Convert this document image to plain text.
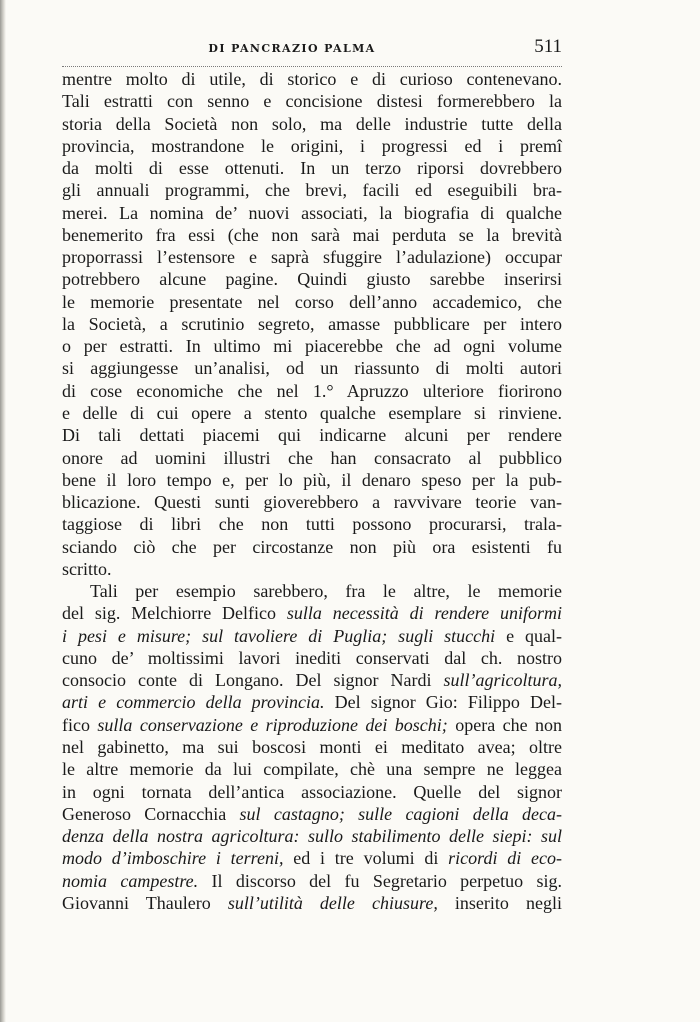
DI PANCRAZIO PALMA	511
mentre molto di utile, di storico e di curioso contenevano.
Tali estratti con senno e concisione distesi formerebbero la
storia della Società non solo, ma delle industrie tutte della
provincia, mostrandone le origini, i progressi ed i premî
da molti di esse ottenuti. In un terzo riporsi dovrebbero
gli annuali programmi, che brevi, facili ed eseguibili bra-
merei. La nomina de’ nuovi associati, la biografia di qualche
benemerito fra essi (che non sarà mai perduta se la brevità
proporrassi l’estensore e saprà sfuggire l’adulazione) occupar
potrebbero alcune pagine. Quindi giusto sarebbe inserirsi
le memorie presentate nel corso dell’anno accademico, che
la Società, a scrutinio segreto, amasse pubblicare per intero
o per estratti. In ultimo mi piacerebbe che ad ogni volume
si aggiungesse un’analisi, od un riassunto di molti autori
di cose economiche che nel 1.° Apruzzo ulteriore fiorirono
e delle di cui opere a stento qualche esemplare si rinviene.
Di tali dettati piacemi qui indicarne alcuni per rendere
onore ad uomini illustri che han consacrato al pubblico
bene il loro tempo e, per lo più, il denaro speso per la pub-
blicazione. Questi sunti gioverebbero a ravvivare teorie van-
taggiose di libri che non tutti possono procurarsi, trala-
sciando ciò che per circostanze non più ora esistenti fu
scritto.
Tali per esempio sarebbero, fra le altre, le memorie
del sig. Melchiorre Delfico sulla necessità di rendere uniformi
i pesi e misure; sul tavoliere di Puglia; sugli stucchi e qual-
cuno de’ moltissimi lavori inediti conservati dal ch. nostro
consocio conte di Longano. Del signor Nardi sull’agricoltura,
arti e commercio della provincia. Del signor Gio: Filippo Del-
fico sulla conservazione e riproduzione dei boschi; opera che non
nel gabinetto, ma sui boscosi monti ei meditato avea; oltre
le altre memorie da lui compilate, chè una sempre ne leggea
in ogni tornata dell’antica associazione. Quelle del signor
Generoso Cornacchia sul castagno; sulle cagioni della deca-
denza della nostra agricoltura: sullo stabilimento delle siepi: sul
modo d’imboschire i terreni, ed i tre volumi di ricordi di eco-
nomia campestre. Il discorso del fu Segretario perpetuo sig.
Giovanni Thaulero sull’utilità delle chiusure, inserito negli
